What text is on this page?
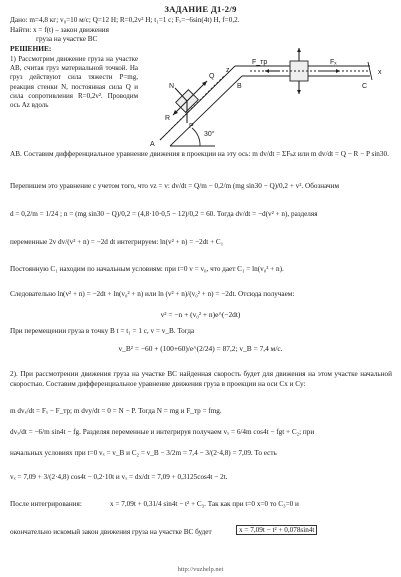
ЗАДАНИЕ Д1-2/9
Дано: m=4,8 кг; v₀=10 м/с; Q=12 Н; R=0,2v² Н; t₁=1 с; Fₓ=−6sin(4t) Н, f=0,2.
Найти: x = f(t) – закон движения
груза на участке ВС
РЕШЕНИЕ:
1) Рассмотрим движение груза на участке АВ, считая груз материальной точкой. На груз действуют сила тяжести P=mg, реакция стенки N, постоянная сила Q и сила сопротивления R=0,2v². Проводим ось Az вдоль
A
B	C
Q
R
N
P
x
F_тр	Fₓ
z
30°
АВ. Составим дифференциальное уравнение движения в проекции на эту ось: m dv/dt = ΣFₖz или m dv/dt = Q − R − P sin30.
Перепишем это уравнение с учетом того, что vz = v: dv/dt = Q/m − 0,2/m (mg sin30 − Q)/0,2 + v². Обозначим
d = 0,2/m = 1/24 ; n = (mg sin30 − Q)/0,2 = (4,8·10·0,5 − 12)/0,2 = 60. Тогда dv/dt = −d(v² + n), разделяя
переменные 2v dv/(v² + n) = −2d dt интегрируем: ln(v² + n) = −2dt + C₁
Постоянную C₁ находим по начальным условиям: при t=0 v = v₀, что дает C₁ = ln(v₀² + n).
Следовательно ln(v² + n) = −2dt + ln(v₀² + n) или ln (v² + n)/(v₀² + n) = −2dt. Отсюда получаем:
v² = −n + (v₀² + n)e^(−2dt)
При перемещении груза в точку В t = t₁ = 1 с, v = v_B. Тогда
v_B² = −60 + (100+60)/e^(2/24) = 87,2; v_B = 7,4 м/с.
2). При рассмотрении движения груза на участке ВС найденная скорость будет для движения на этом участке начальной скоростью. Составим дифференциальное уравнение движения груза в проекции на оси Cx и Cy:
m dvₓ/dt = Fₓ − F_тр; m dvy/dt = 0 = N − P. Тогда N = mg и F_тр = fmg.
dvₓ/dt = −6/m sin4t − fg. Разделяя переменные и интегрируя получаем vₓ = 6/4m cos4t − fgt + C₂; при
начальных условиях при t=0 vₓ = v_B и C₂ = v_B − 3/2m = 7,4 − 3/(2·4,8) = 7,09. То есть
vₓ = 7,09 + 3/(2·4,8) cos4t − 0,2·10t и vₓ = dx/dt = 7,09 + 0,3125cos4t − 2t.
После интегрирования:	x = 7,09t + 0,31/4 sin4t − t² + C₃. Так как при t=0 x=0 то C₃=0 и
окончательно искомый закон движения груза на участке ВС будет	x = 7,09t − t² + 0,078sin4t
http://vuzhelp.net
